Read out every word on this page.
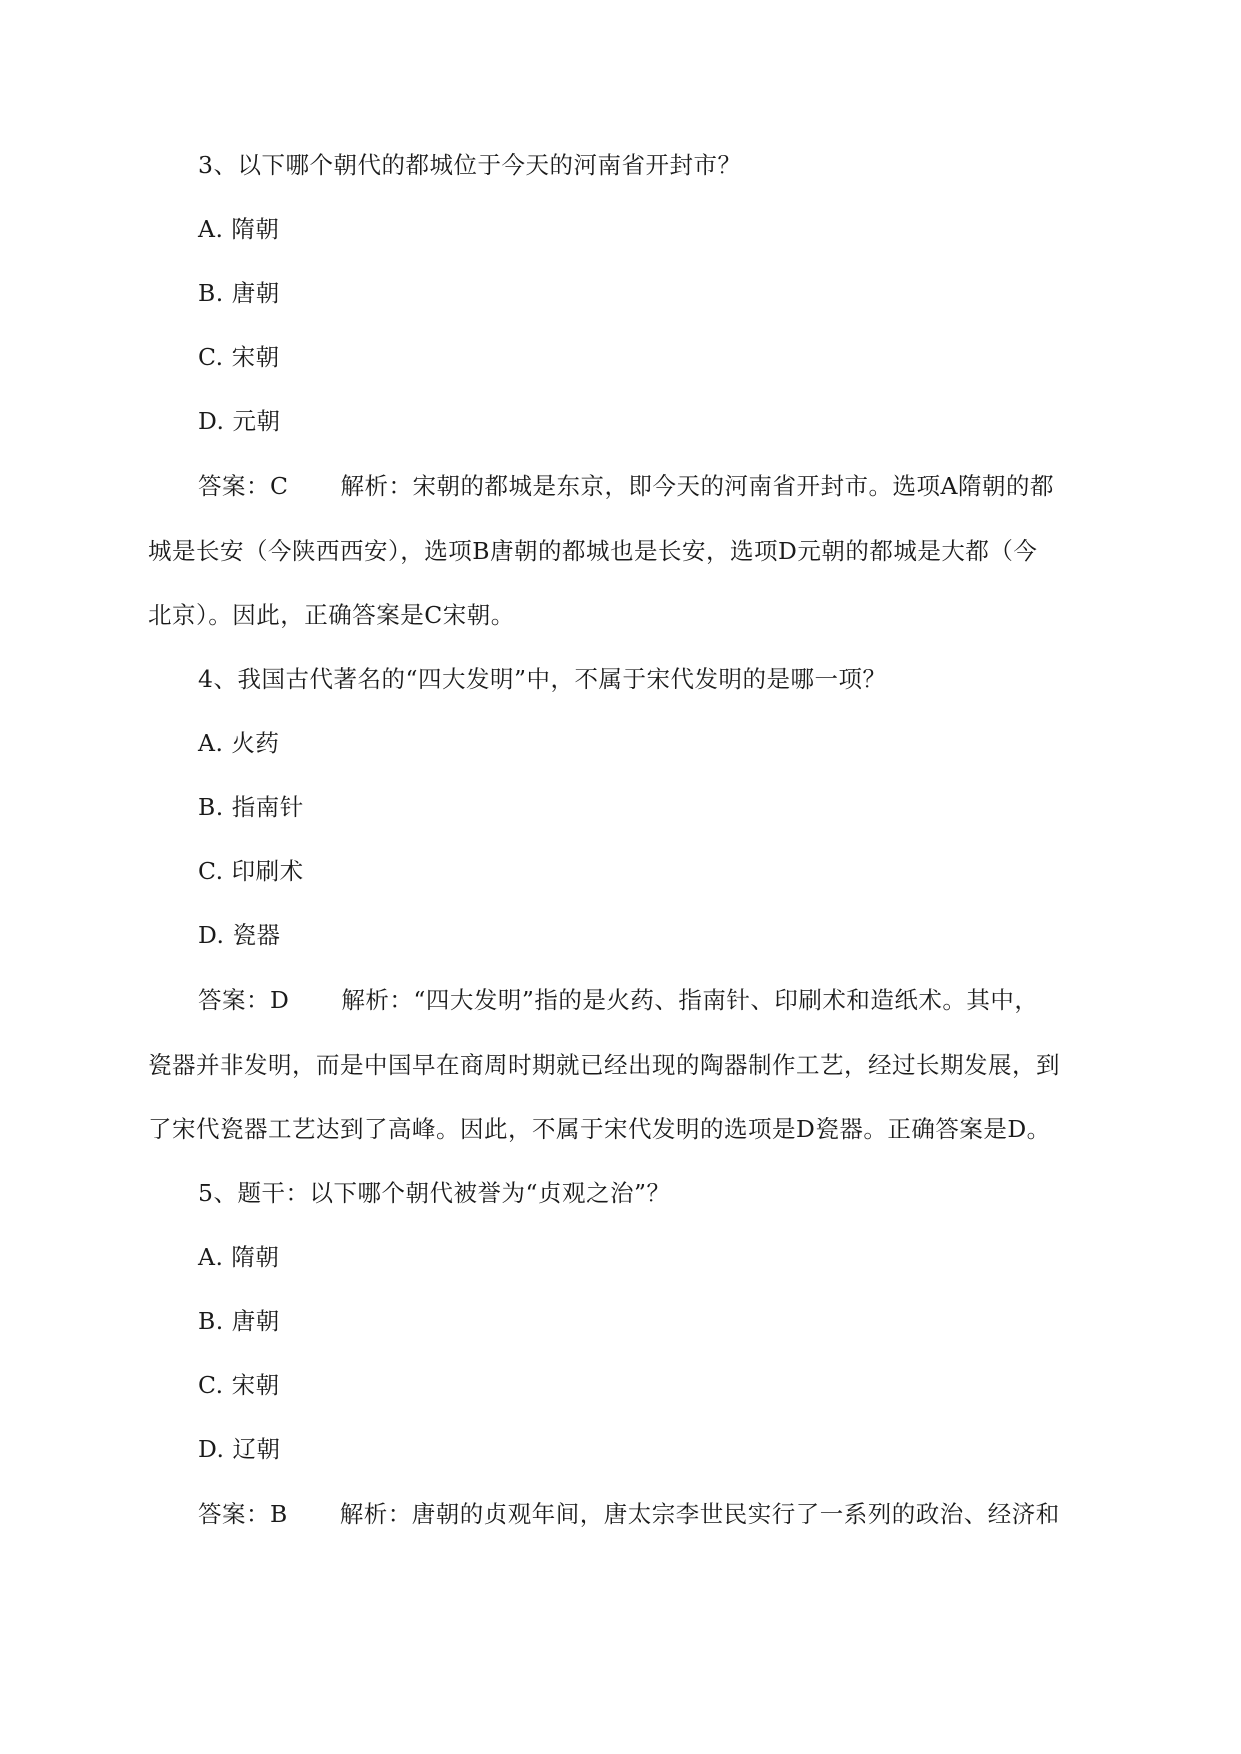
3、以下哪个朝代的都城位于今天的河南省开封市？
A. 隋朝
B. 唐朝
C. 宋朝
D. 元朝
答案：C 解析：宋朝的都城是东京，即今天的河南省开封市。选项A隋朝的都
城是长安（今陕西西安），选项B唐朝的都城也是长安，选项D元朝的都城是大都（今
北京）。因此，正确答案是C宋朝。
4、我国古代著名的“四大发明”中，不属于宋代发明的是哪一项？
A. 火药
B. 指南针
C. 印刷术
D. 瓷器
答案：D 解析：“四大发明”指的是火药、指南针、印刷术和造纸术。其中，
瓷器并非发明，而是中国早在商周时期就已经出现的陶器制作工艺，经过长期发展，到
了宋代瓷器工艺达到了高峰。因此，不属于宋代发明的选项是D瓷器。正确答案是D。
5、题干：以下哪个朝代被誉为“贞观之治”？
A. 隋朝
B. 唐朝
C. 宋朝
D. 辽朝
答案：B 解析：唐朝的贞观年间，唐太宗李世民实行了一系列的政治、经济和
